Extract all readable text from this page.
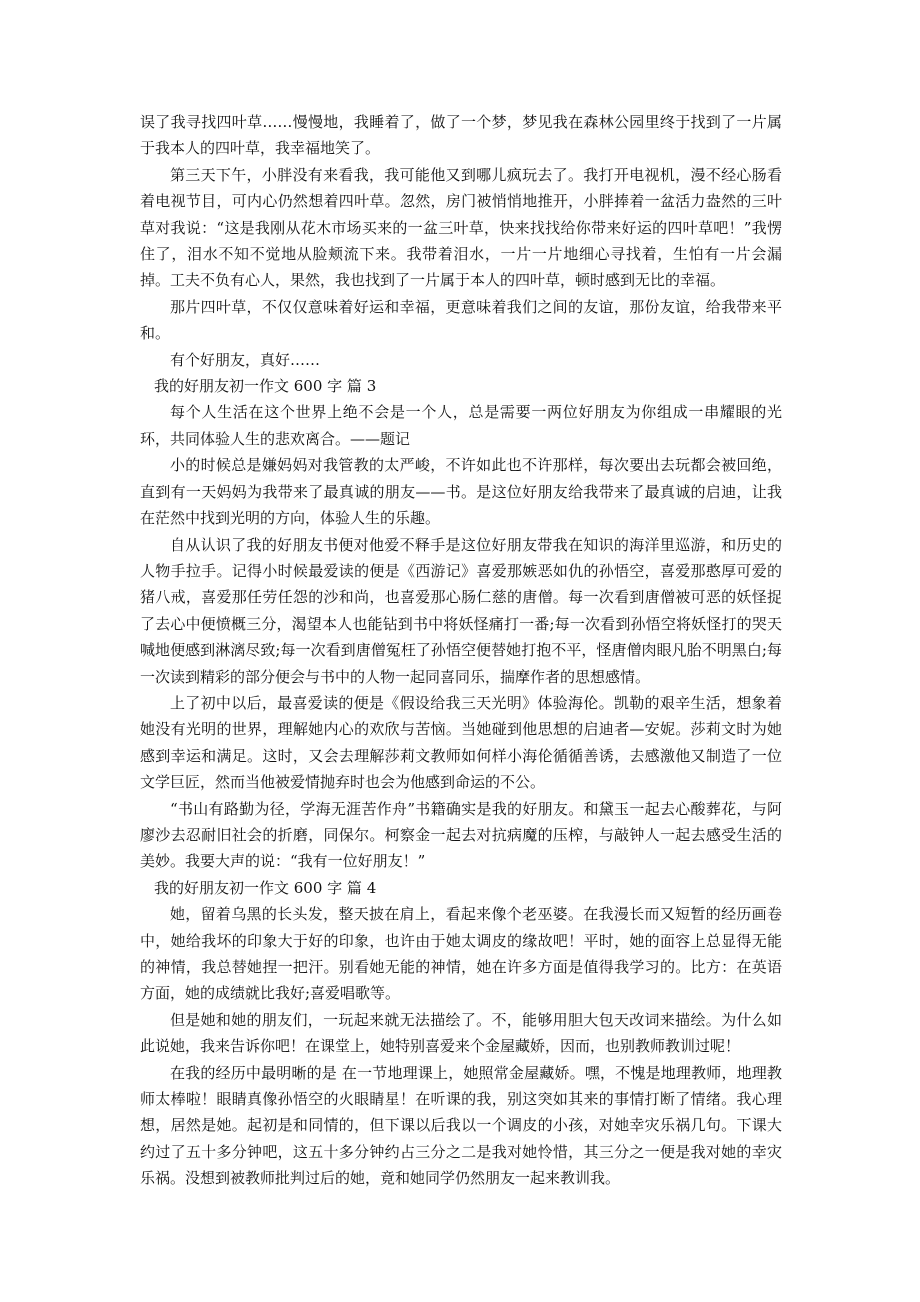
误了我寻找四叶草……慢慢地，我睡着了，做了一个梦，梦见我在森林公园里终于找到了一片属于我本人的四叶草，我幸福地笑了。

第三天下午，小胖没有来看我，我可能他又到哪儿疯玩去了。我打开电视机，漫不经心肠看着电视节目，可内心仍然想着四叶草。忽然，房门被悄悄地推开，小胖捧着一盆活力盎然的三叶草对我说：“这是我刚从花木市场买来的一盆三叶草，快来找找给你带来好运的四叶草吧！”我愣住了，泪水不知不觉地从脸颊流下来。我带着泪水，一片一片地细心寻找着，生怕有一片会漏掉。工夫不负有心人，果然，我也找到了一片属于本人的四叶草，顿时感到无比的幸福。

那片四叶草，不仅仅意味着好运和幸福，更意味着我们之间的友谊，那份友谊，给我带来平和。

有个好朋友，真好……

我的好朋友初一作文 600 字 篇 3

每个人生活在这个世界上绝不会是一个人，总是需要一两位好朋友为你组成一串耀眼的光环，共同体验人生的悲欢离合。——题记

小的时候总是嫌妈妈对我管教的太严峻，不许如此也不许那样，每次要出去玩都会被回绝，直到有一天妈妈为我带来了最真诚的朋友——书。是这位好朋友给我带来了最真诚的启迪，让我在茫然中找到光明的方向，体验人生的乐趣。

自从认识了我的好朋友书便对他爱不释手是这位好朋友带我在知识的海洋里巡游，和历史的人物手拉手。记得小时候最爱读的便是《西游记》喜爱那嫉恶如仇的孙悟空，喜爱那憨厚可爱的猪八戒，喜爱那任劳任怨的沙和尚，也喜爱那心肠仁慈的唐僧。每一次看到唐僧被可恶的妖怪捉了去心中便愤概三分，渴望本人也能钻到书中将妖怪痛打一番;每一次看到孙悟空将妖怪打的哭天喊地便感到淋漓尽致;每一次看到唐僧冤枉了孙悟空便替她打抱不平，怪唐僧肉眼凡胎不明黑白;每一次读到精彩的部分便会与书中的人物一起同喜同乐，揣摩作者的思想感情。

上了初中以后，最喜爱读的便是《假设给我三天光明》体验海伦。凯勒的艰辛生活，想象着她没有光明的世界，理解她内心的欢欣与苦恼。当她碰到他思想的启迪者—安妮。莎莉文时为她感到幸运和满足。这时，又会去理解莎莉文教师如何样小海伦循循善诱，去感激他又制造了一位文学巨匠，然而当他被爱情抛弃时也会为他感到命运的不公。

“书山有路勤为径，学海无涯苦作舟”书籍确实是我的好朋友。和黛玉一起去心酸葬花，与阿廖沙去忍耐旧社会的折磨，同保尔。柯察金一起去对抗病魔的压榨，与敲钟人一起去感受生活的美妙。我要大声的说：“我有一位好朋友！”

我的好朋友初一作文 600 字 篇 4

她，留着乌黑的长头发，整天披在肩上，看起来像个老巫婆。在我漫长而又短暂的经历画卷中，她给我坏的印象大于好的印象，也许由于她太调皮的缘故吧！平时，她的面容上总显得无能的神情，我总替她捏一把汗。别看她无能的神情，她在许多方面是值得我学习的。比方：在英语方面，她的成绩就比我好;喜爱唱歌等。

但是她和她的朋友们，一玩起来就无法描绘了。不，能够用胆大包天改词来描绘。为什么如此说她，我来告诉你吧！在课堂上，她特别喜爱来个金屋藏娇，因而，也别教师教训过呢！

在我的经历中最明晰的是 在一节地理课上，她照常金屋藏娇。嘿，不愧是地理教师，地理教师太棒啦！眼睛真像孙悟空的火眼睛星！在听课的我，别这突如其来的事情打断了情绪。我心理想，居然是她。起初是和同情的，但下课以后我以一个调皮的小孩，对她幸灾乐祸几句。下课大约过了五十多分钟吧，这五十多分钟约占三分之二是我对她怜惜，其三分之一便是我对她的幸灾乐祸。没想到被教师批判过后的她，竟和她同学仍然朋友一起来教训我。
